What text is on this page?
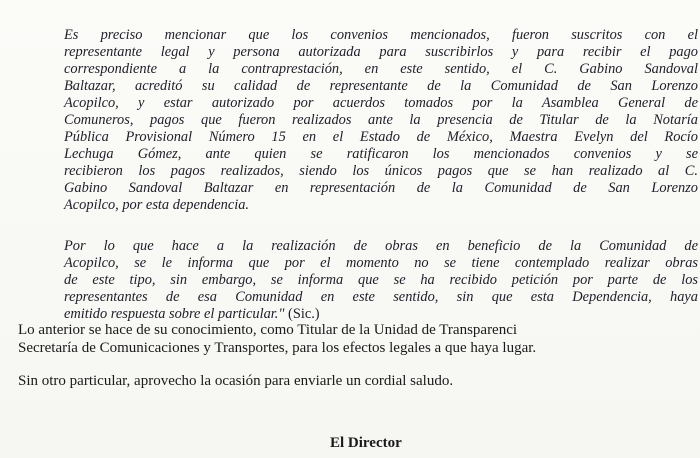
Es preciso mencionar que los convenios mencionados, fueron suscritos con el
representante legal y persona autorizada para suscribirlos y para recibir el pago
correspondiente a la contraprestación, en este sentido, el C. Gabino Sandoval
Baltazar, acreditó su calidad de representante de la Comunidad de San Lorenzo
Acopilco, y estar autorizado por acuerdos tomados por la Asamblea General de
Comuneros, pagos que fueron realizados ante la presencia de Titular de la Notaría
Pública Provisional Número 15 en el Estado de México, Maestra Evelyn del Rocío
Lechuga Gómez, ante quien se ratificaron los mencionados convenios y se
recibieron los pagos realizados, siendo los únicos pagos que se han realizado al C.
Gabino Sandoval Baltazar en representación de la Comunidad de San Lorenzo
Acopilco, por esta dependencia.
Por lo que hace a la realización de obras en beneficio de la Comunidad de
Acopilco, se le informa que por el momento no se tiene contemplado realizar obras
de este tipo, sin embargo, se informa que se ha recibido petición por parte de los
representantes de esa Comunidad en este sentido, sin que esta Dependencia, haya
emitido respuesta sobre el particular." (Sic.)
Lo anterior se hace de su conocimiento, como Titular de la Unidad de Transparenci
Secretaría de Comunicaciones y Transportes, para los efectos legales a que haya lugar.
Sin otro particular, aprovecho la ocasión para enviarle un cordial saludo.
El Director
